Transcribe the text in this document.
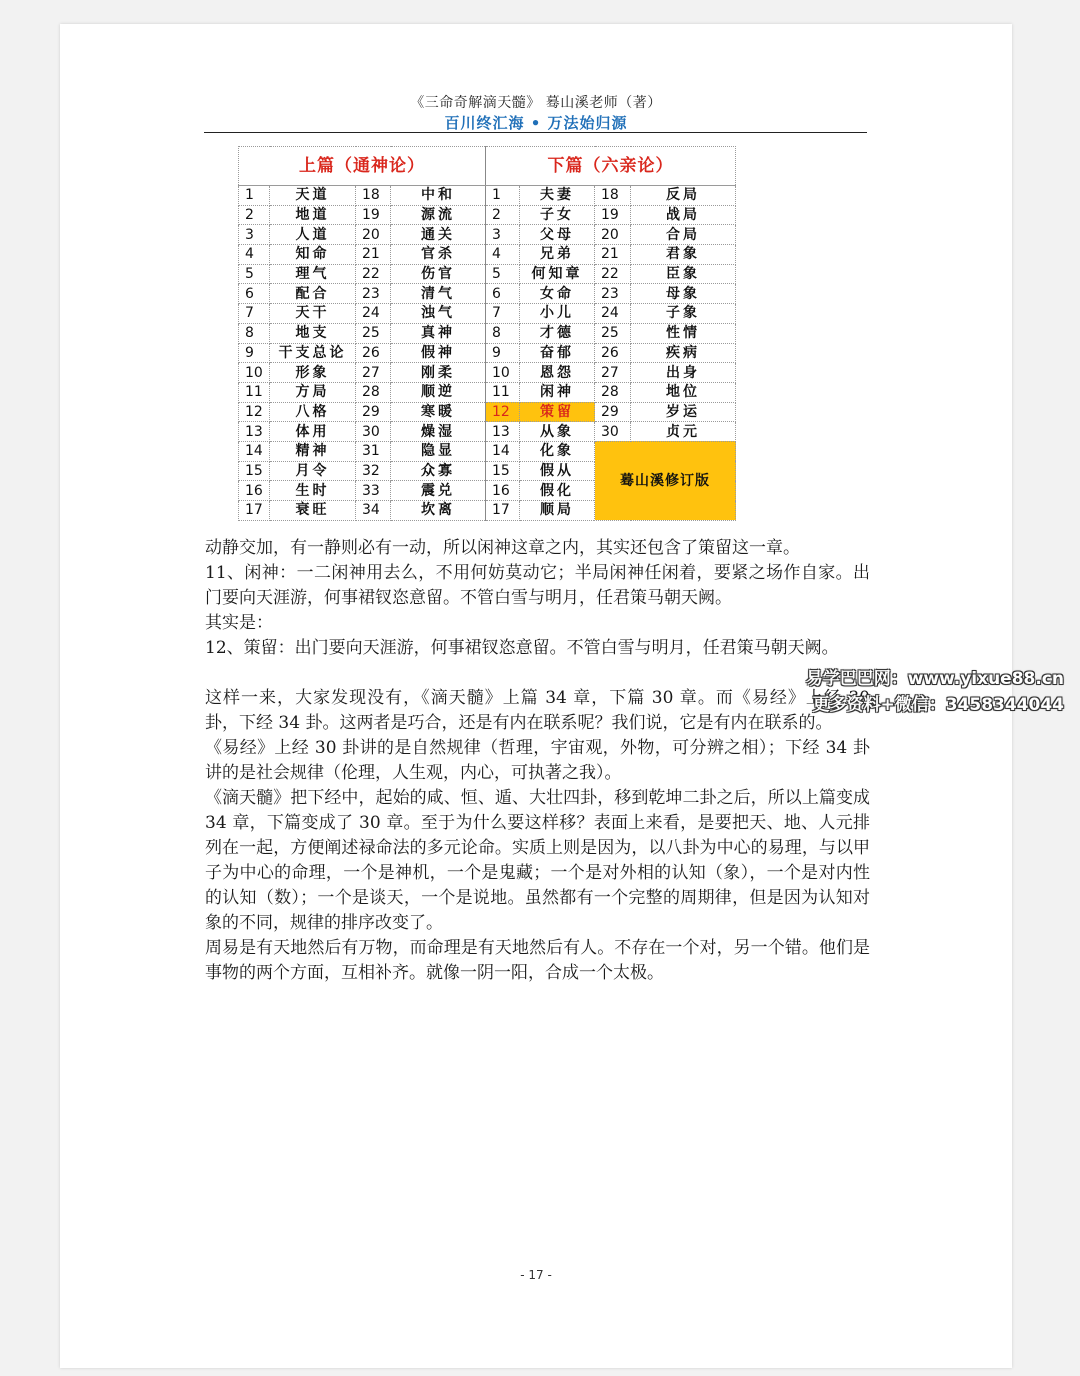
《三命奇解滴天髓》 蓦山溪老师（著）
百川终汇海 • 万法始归源
上篇（通神论）				下篇（六亲论）			
1	天道	18	中和	1	夫妻	18	反局
2	地道	19	源流	2	子女	19	战局
3	人道	20	通关	3	父母	20	合局
4	知命	21	官杀	4	兄弟	21	君象
5	理气	22	伤官	5	何知章	22	臣象
6	配合	23	清气	6	女命	23	母象
7	天干	24	浊气	7	小儿	24	子象
8	地支	25	真神	8	才德	25	性情
9	干支总论	26	假神	9	奋郁	26	疾病
10	形象	27	刚柔	10	恩怨	27	出身
11	方局	28	顺逆	11	闲神	28	地位
12	八格	29	寒暖	12	策留	29	岁运
13	体用	30	燥湿	13	从象	30	贞元
14	精神	31	隐显	14	化象	蓦山溪修订版	
15	月令	32	众寡	15	假从		
16	生时	33	震兑	16	假化		
17	衰旺	34	坎离	17	顺局		

动静交加，有一静则必有一动，所以闲神这章之内，其实还包含了策留这一章。

11、闲神：一二闲神用去么，不用何妨莫动它；半局闲神任闲着，要紧之场作自家。出门要向天涯游，何事裙钗恣意留。不管白雪与明月，任君策马朝天阙。

其实是：

12、策留：出门要向天涯游，何事裙钗恣意留。不管白雪与明月，任君策马朝天阙。

这样一来，大家发现没有，《滴天髓》上篇 34 章，下篇 30 章。而《易经》上经 30 卦，下经 34 卦。这两者是巧合，还是有内在联系呢？我们说，它是有内在联系的。

《易经》上经 30 卦讲的是自然规律（哲理，宇宙观，外物，可分辨之相）；下经 34 卦讲的是社会规律（伦理，人生观，内心，可执著之我）。

《滴天髓》把下经中，起始的咸、恒、遁、大壮四卦，移到乾坤二卦之后，所以上篇变成 34 章，下篇变成了 30 章。至于为什么要这样移？表面上来看，是要把天、地、人元排列在一起，方便阐述禄命法的多元论命。实质上则是因为，以八卦为中心的易理，与以甲子为中心的命理，一个是神机，一个是鬼藏；一个是对外相的认知（象），一个是对内性的认知（数）；一个是谈天，一个是说地。虽然都有一个完整的周期律，但是因为认知对象的不同，规律的排序改变了。

周易是有天地然后有万物，而命理是有天地然后有人。不存在一个对，另一个错。他们是事物的两个方面，互相补齐。就像一阴一阳，合成一个太极。

- 17 -
易学巴巴网：www.yixue88.cn
更多资料+微信：3458344044
